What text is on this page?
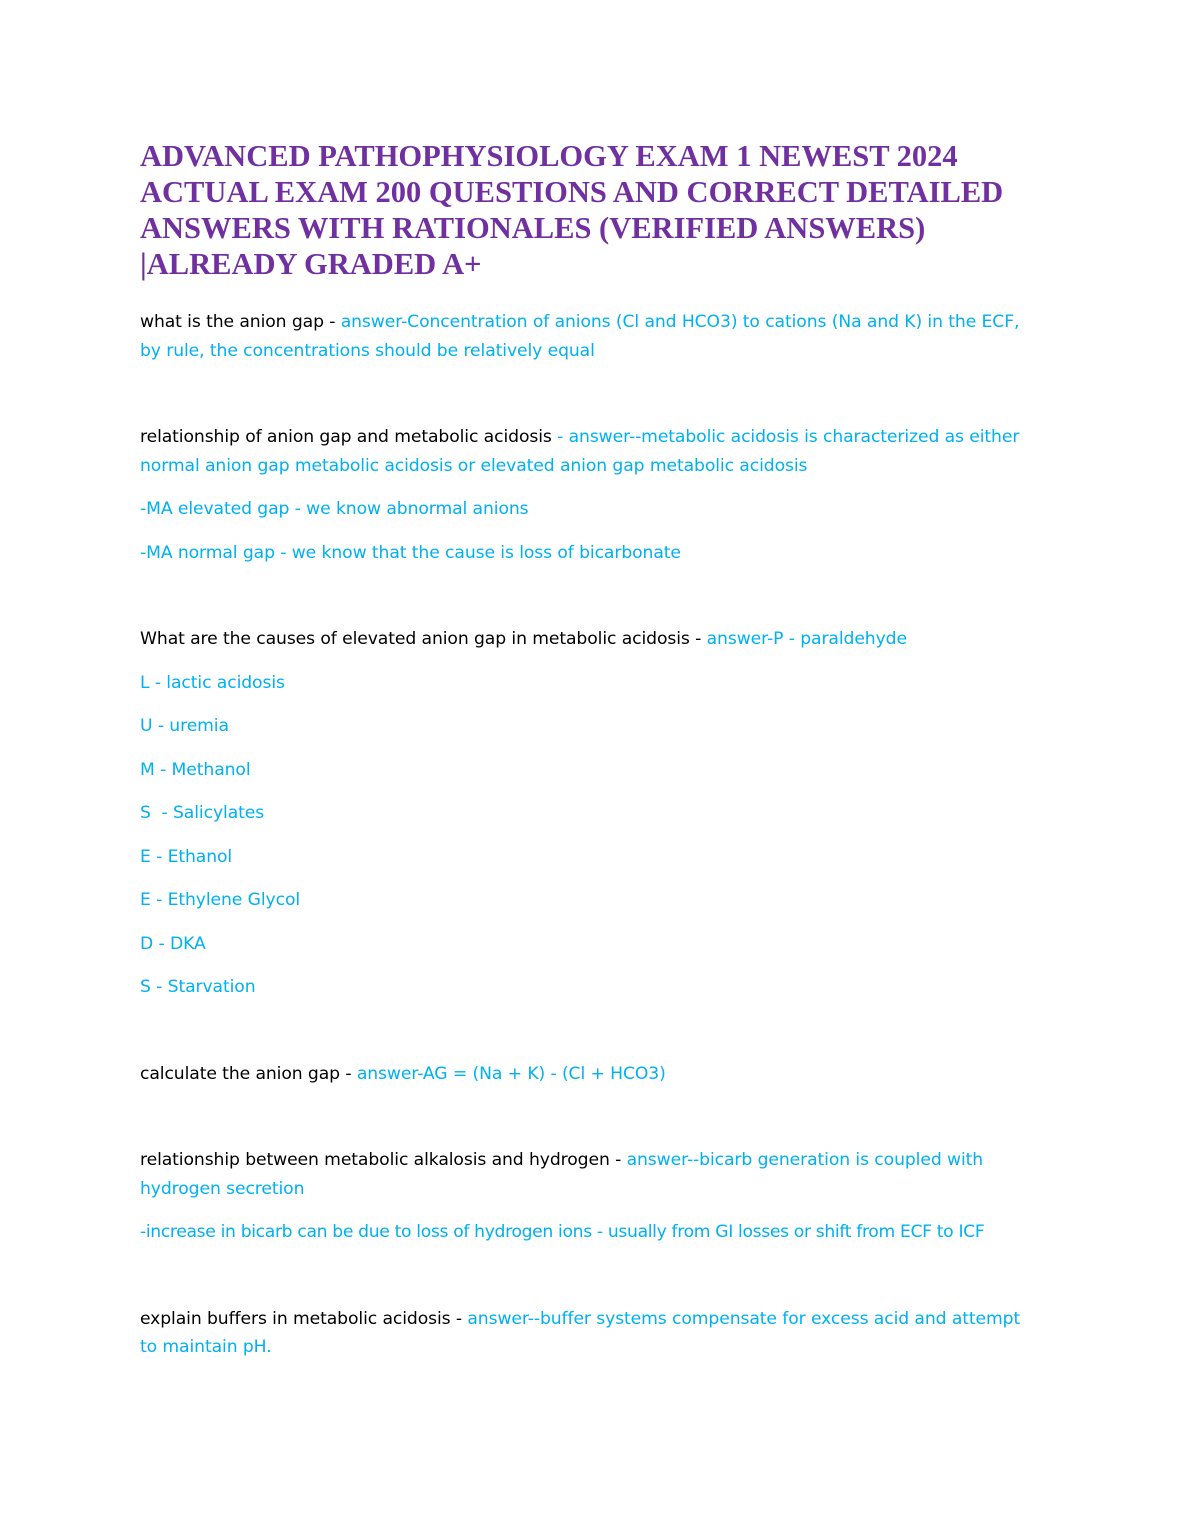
ADVANCED PATHOPHYSIOLOGY EXAM 1 NEWEST 2024
ACTUAL EXAM 200 QUESTIONS AND CORRECT DETAILED
ANSWERS WITH RATIONALES (VERIFIED ANSWERS)
|ALREADY GRADED A+
what is the anion gap - answer-Concentration of anions (Cl and HCO3) to cations (Na and K) in the ECF,
by rule, the concentrations should be relatively equal
relationship of anion gap and metabolic acidosis - answer--metabolic acidosis is characterized as either
normal anion gap metabolic acidosis or elevated anion gap metabolic acidosis
-MA elevated gap - we know abnormal anions
-MA normal gap - we know that the cause is loss of bicarbonate
What are the causes of elevated anion gap in metabolic acidosis - answer-P - paraldehyde
L - lactic acidosis
U - uremia
M - Methanol
S  - Salicylates
E - Ethanol
E - Ethylene Glycol
D - DKA
S - Starvation
calculate the anion gap - answer-AG = (Na + K) - (Cl + HCO3)
relationship between metabolic alkalosis and hydrogen - answer--bicarb generation is coupled with
hydrogen secretion
-increase in bicarb can be due to loss of hydrogen ions - usually from GI losses or shift from ECF to ICF
explain buffers in metabolic acidosis - answer--buffer systems compensate for excess acid and attempt
to maintain pH.
